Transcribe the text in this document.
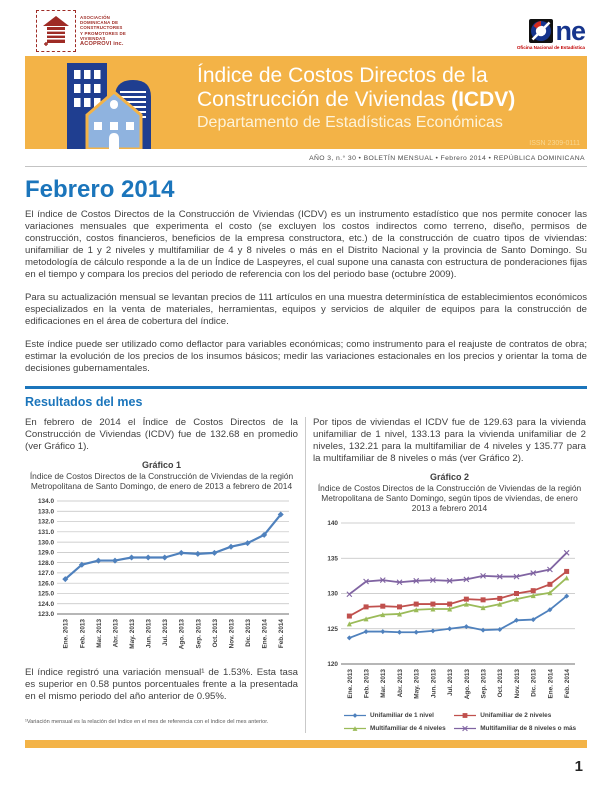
ASOCIACIÓN
DOMINICANA DE
CONSTRUCTORES
Y PROMOTORES DE
VIVIENDAS
ACOPROVI inc.	ne
Oficina Nacional de Estadística
Índice de Costos Directos de la
Construcción de Viviendas (ICDV)
Departamento de Estadísticas Económicas
ISSN 2309-0111
AÑO 3, n.° 30 • BOLETÍN MENSUAL • Febrero 2014 • REPÚBLICA DOMINICANA
Febrero 2014

El índice de Costos Directos de la Construcción de Viviendas (ICDV) es un instrumento estadístico que nos permite conocer las variaciones mensuales que experimenta el costo (se excluyen los costos indirectos como terreno, diseño, permisos de construcción, costos financieros, beneficios de la empresa constructora, etc.) de la construcción de cuatro tipos de viviendas: unifamiliar de 1 y 2 niveles y multifamiliar de 4 y 8 niveles o más en el Distrito Nacional y la provincia de Santo Domingo. Su metodología de cálculo responde a la de un Índice de Laspeyres, el cual supone una canasta con estructura de ponderaciones fijas en el tiempo y compara los precios del periodo de referencia con los del periodo base (octubre 2009).

Para su actualización mensual se levantan precios de 111 artículos en una muestra determinística de establecimientos económicos especializados en la venta de materiales, herramientas, equipos y servicios de alquiler de equipos para la construcción de edificaciones en el área de cobertura del índice.

Este índice puede ser utilizado como deflactor para variables económicas; como instrumento para el reajuste de contratos de obra; estimar la evolución de los precios de los insumos básicos; medir las variaciones estacionales en los precios y orientar la toma de decisiones gubernamentales.

Resultados del mes

En febrero de 2014 el Índice de Costos Directos de la Construcción de Viviendas (ICDV) fue de 132.68 en promedio (ver Gráfico 1).

Gráfico 1
Índice de Costos Directos de la Construcción de Viviendas de la región Metropolitana de Santo Domingo, de enero de 2013 a febrero de 2014
123.0
124.0
125.0
126.0
127.0
128.0
129.0
130.0
131.0
132.0
133.0
134.0
Ene. 2013 Feb. 2013 Mar. 2013 Abr. 2013 May. 2013 Jun. 2013 Jul. 2013 Ago. 2013 Sep. 2013 Oct. 2013 Nov. 2013 Dic. 2013 Ene. 2014 Feb. 2014

El índice registró una variación mensual¹ de 1.53%. Esta tasa es superior en 0.58 puntos porcentuales frente a la presentada en el mismo periodo del año anterior de 0.95%.

¹Variación mensual es la relación del índice en el mes de referencia con el índice del mes anterior.

Por tipos de viviendas el ICDV fue de 129.63 para la vivienda unifamiliar de 1 nivel, 133.13 para la vivienda unifamiliar de 2 niveles, 132.21 para la multifamiliar de 4 niveles y 135.77 para la multifamiliar de 8 niveles o más (ver Gráfico 2).

Gráfico 2
Índice de Costos Directos de la Construcción de Viviendas de la región Metropolitana de Santo Domingo, según tipos de viviendas, de enero 2013 a febrero 2014
120
125
130
135
140
Ene. 2013 Feb. 2013 Mar. 2013 Abr. 2013 May. 2013 Jun. 2013 Jul. 2013 Ago. 2013 Sep. 2013 Oct. 2013 Nov. 2013 Dic. 2013 Ene. 2014 Feb. 2014
Unifamiliar de 1 nivel	Unifamiliar de 2 niveles
Multifamiliar de 4 niveles	Multifamiliar de 8 niveles o más
1
